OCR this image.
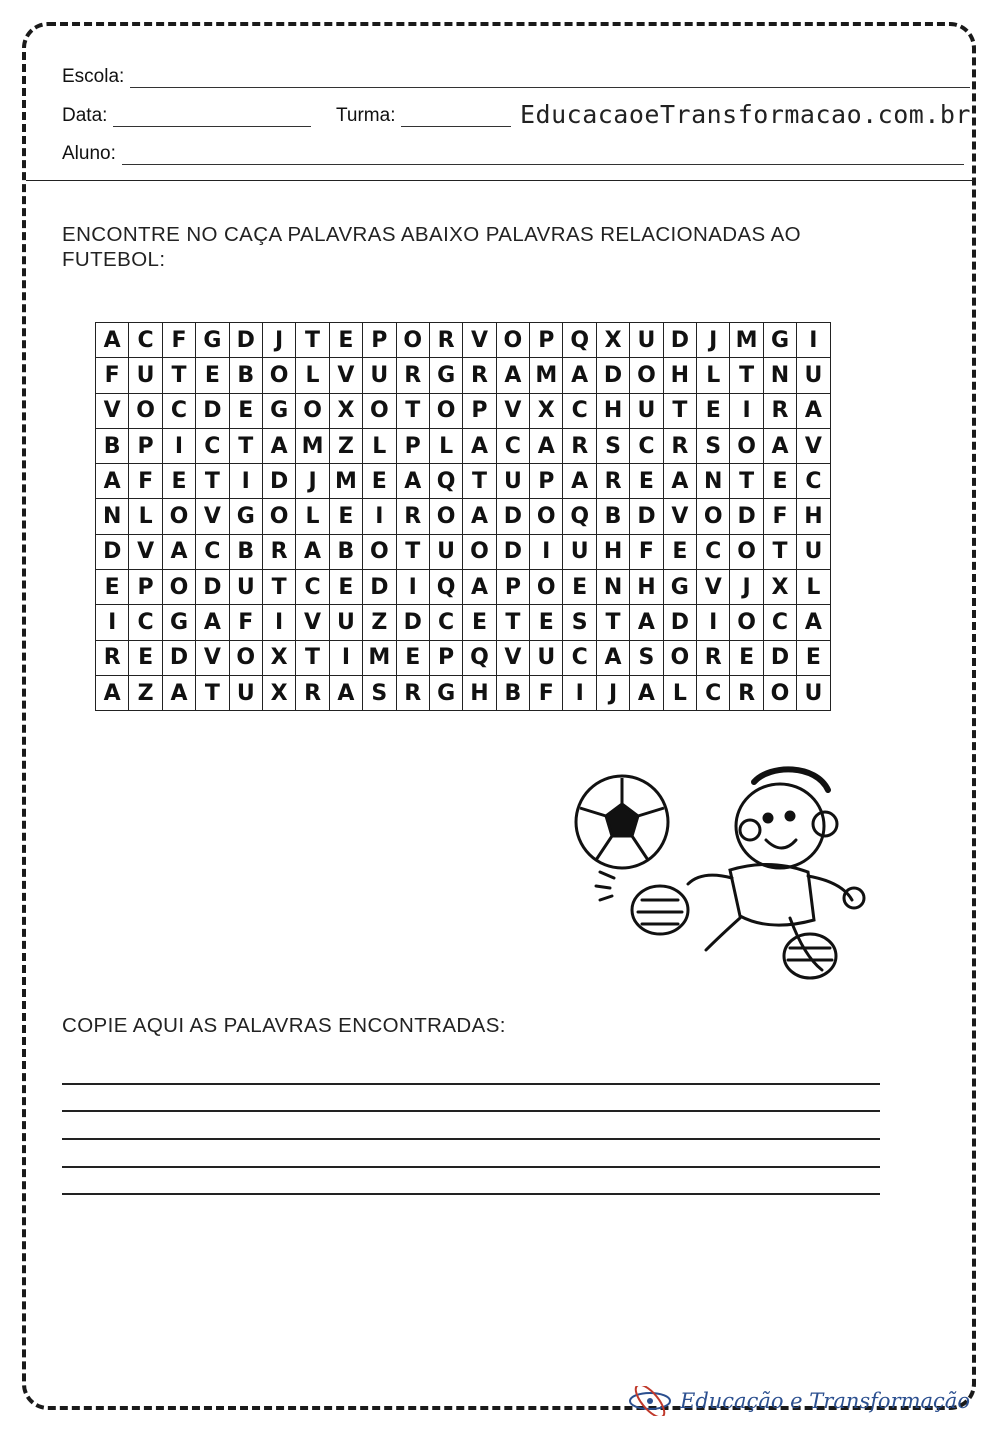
Escola:
Data:	Turma:	EducacaoeTransformacao.com.br
Aluno:
ENCONTRE NO CAÇA PALAVRAS ABAIXO PALAVRAS RELACIONADAS AO FUTEBOL:
A	C	F	G	D	J	T	E	P	O	R	V	O	P	Q	X	U	D	J	M	G	I
F	U	T	E	B	O	L	V	U	R	G	R	A	M	A	D	O	H	L	T	N	U
V	O	C	D	E	G	O	X	O	T	O	P	V	X	C	H	U	T	E	I	R	A
B	P	I	C	T	A	M	Z	L	P	L	A	C	A	R	S	C	R	S	O	A	V
A	F	E	T	I	D	J	M	E	A	Q	T	U	P	A	R	E	A	N	T	E	C
N	L	O	V	G	O	L	E	I	R	O	A	D	O	Q	B	D	V	O	D	F	H
D	V	A	C	B	R	A	B	O	T	U	O	D	I	U	H	F	E	C	O	T	U
E	P	O	D	U	T	C	E	D	I	Q	A	P	O	E	N	H	G	V	J	X	L
I	C	G	A	F	I	V	U	Z	D	C	E	T	E	S	T	A	D	I	O	C	A
R	E	D	V	O	X	T	I	M	E	P	Q	V	U	C	A	S	O	R	E	D	E
A	Z	A	T	U	X	R	A	S	R	G	H	B	F	I	J	A	L	C	R	O	U
COPIE AQUI AS PALAVRAS ENCONTRADAS:
Educação e Transformação
